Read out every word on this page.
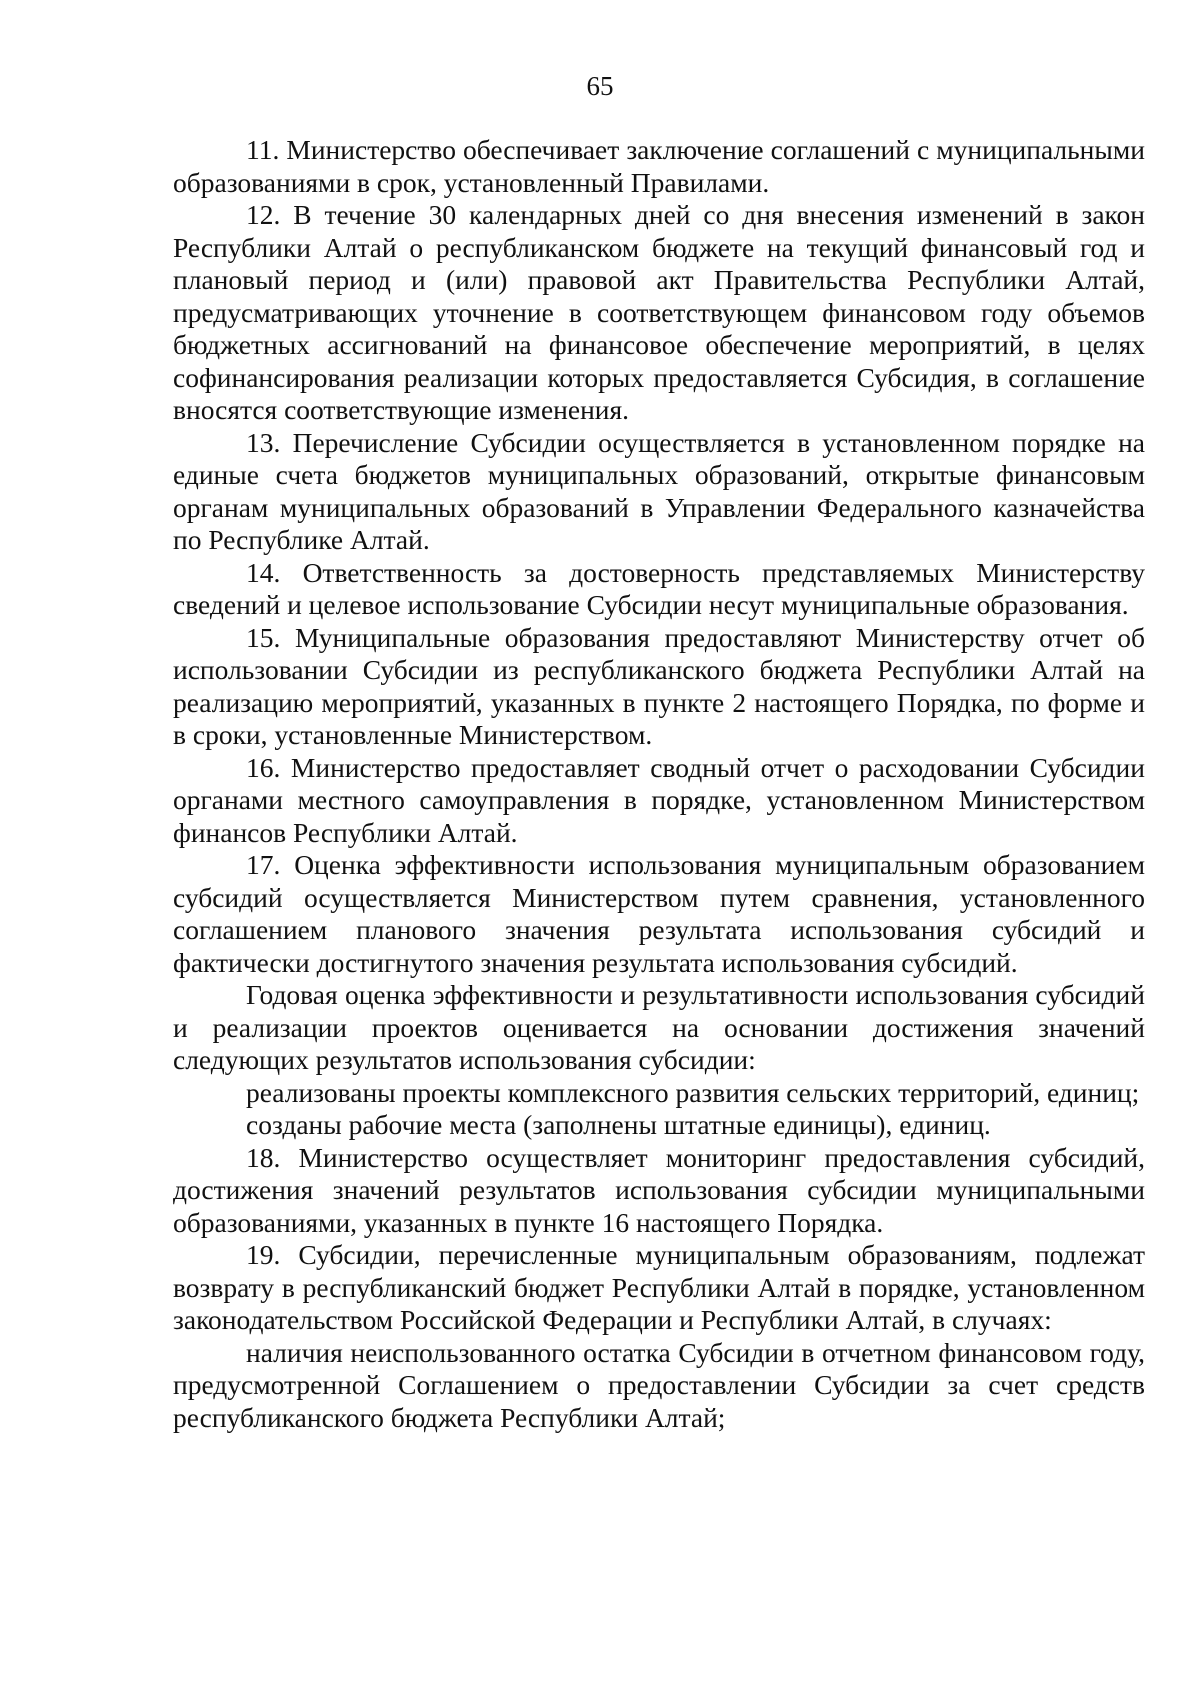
65

11. Министерство обеспечивает заключение соглашений с муниципальными образованиями в срок, установленный Правилами.

12. В течение 30 календарных дней со дня внесения изменений в закон Республики Алтай о республиканском бюджете на текущий финансовый год и плановый период и (или) правовой акт Правительства Республики Алтай, предусматривающих уточнение в соответствующем финансовом году объемов бюджетных ассигнований на финансовое обеспечение мероприятий, в целях софинансирования реализации которых предоставляется Субсидия, в соглашение вносятся соответствующие изменения.

13. Перечисление Субсидии осуществляется в установленном порядке на единые счета бюджетов муниципальных образований, открытые финансовым органам муниципальных образований в Управлении Федерального казначейства по Республике Алтай.

14. Ответственность за достоверность представляемых Министерству сведений и целевое использование Субсидии несут муниципальные образования.

15. Муниципальные образования предоставляют Министерству отчет об использовании Субсидии из республиканского бюджета Республики Алтай на реализацию мероприятий, указанных в пункте 2 настоящего Порядка, по форме и в сроки, установленные Министерством.

16. Министерство предоставляет сводный отчет о расходовании Субсидии органами местного самоуправления в порядке, установленном Министерством финансов Республики Алтай.

17. Оценка эффективности использования муниципальным образованием субсидий осуществляется Министерством путем сравнения, установленного соглашением планового значения результата использования субсидий и фактически достигнутого значения результата использования субсидий.

Годовая оценка эффективности и результативности использования субсидий и реализации проектов оценивается на основании достижения значений следующих результатов использования субсидии:

реализованы проекты комплексного развития сельских территорий, единиц;

созданы рабочие места (заполнены штатные единицы), единиц.

18. Министерство осуществляет мониторинг предоставления субсидий, достижения значений результатов использования субсидии муниципальными образованиями, указанных в пункте 16 настоящего Порядка.

19. Субсидии, перечисленные муниципальным образованиям, подлежат возврату в республиканский бюджет Республики Алтай в порядке, установленном законодательством Российской Федерации и Республики Алтай, в случаях:

наличия неиспользованного остатка Субсидии в отчетном финансовом году, предусмотренной Соглашением о предоставлении Субсидии за счет средств республиканского бюджета Республики Алтай;
